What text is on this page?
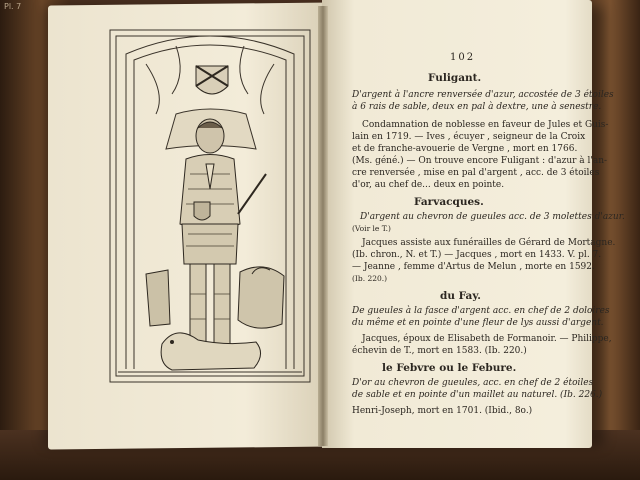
Pl. 7
102
Fuligant.
D'argent à l'ancre renversée d'azur, accostée de 3 étoiles
à 6 rais de sable, deux en pal à dextre, une à senestre.
Condamnation de noblesse en faveur de Jules et Guis-
lain en 1719. — Ives , écuyer , seigneur de la Croix
et de franche-avouerie de Vergne , mort en 1766.
(Ms. géné.) — On trouve encore Fuligant : d'azur à l'an-
cre renversée , mise en pal d'argent , acc. de 3 étoiles
d'or, au chef de... deux en pointe.
Farvacques.
D'argent au chevron de gueules acc. de 3 molettes d'azur.
(Voir le T.)
Jacques assiste aux funérailles de Gérard de Mortagne.
(Ib. chron., N. et T.) — Jacques , mort en 1433. V. pl. 7.
— Jeanne , femme d'Artus de Melun , morte en 1592.
(Ib. 220.)
du Fay.
De gueules à la fasce d'argent acc. en chef de 2 doloires
du même et en pointe d'une fleur de lys aussi d'argent.
Jacques, époux de Elisabeth de Formanoir. — Philippe,
échevin de T., mort en 1583. (Ib. 220.)
le Febvre ou le Febure.
D'or au chevron de gueules, acc. en chef de 2 étoiles
de sable et en pointe d'un maillet au naturel. (Ib. 226.)
Henri-Joseph, mort en 1701. (Ibid., 8o.)
